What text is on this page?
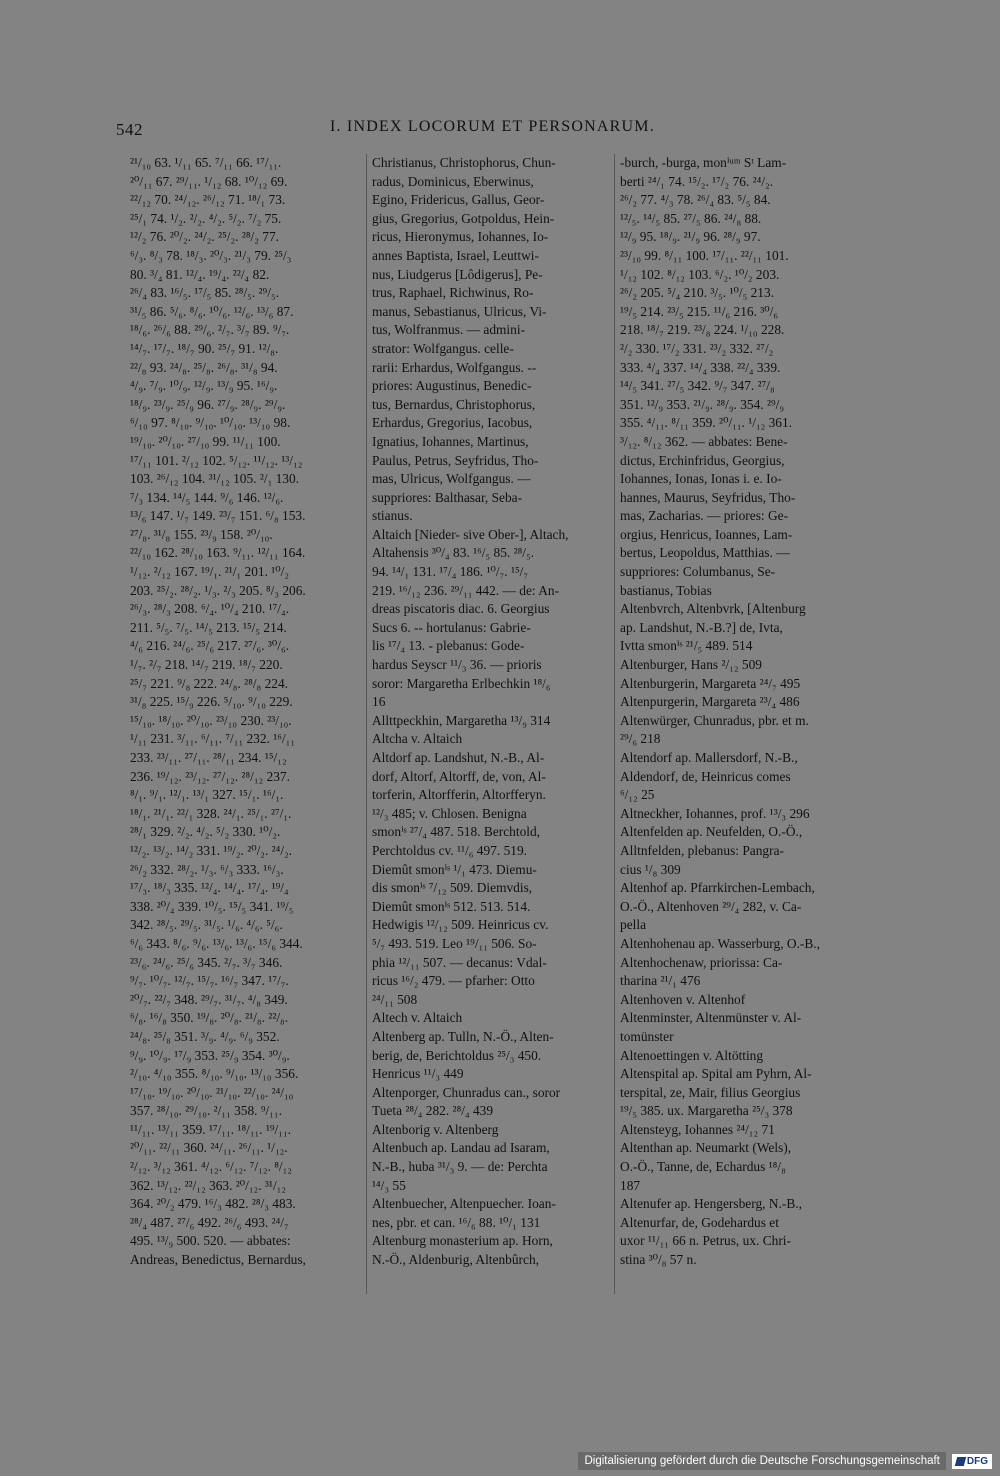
542	I. INDEX LOCORUM ET PERSONARUM.
²¹/₁₀ 63. ¹/₁₁ 65. ⁷/₁₁ 66. ¹⁷/₁₁.
²⁰/₁₁ 67. ²⁹/₁₁. ¹/₁₂ 68. ¹⁰/₁₂ 69.
²²/₁₂ 70. ²⁴/₁₂. ²⁶/₁₂ 71. ¹⁸/₁ 73.
²⁵/₁ 74. ¹/₂. ²/₂. ⁴/₂. ⁵/₂. ⁷/₂ 75.
¹²/₂ 76. ²⁰/₂. ²⁴/₂. ²⁵/₂. ²⁸/₂ 77.
⁶/₃. ⁸/₃ 78. ¹⁸/₃. ²⁰/₃. ²¹/₃ 79. ²⁵/₃
80. ³/₄ 81. ¹²/₄. ¹⁹/₄. ²²/₄ 82.
²⁶/₄ 83. ¹⁶/₅. ¹⁷/₅ 85. ²⁸/₅. ²⁹/₅.
³¹/₅ 86. ⁵/₆. ⁸/₆. ¹⁰/₆. ¹²/₆. ¹³/₆ 87.
¹⁸/₆. ²⁶/₆ 88. ²⁹/₆. ²/₇. ³/₇ 89. ⁹/₇.
¹⁴/₇. ¹⁷/₇. ¹⁸/₇ 90. ²⁵/₇ 91. ¹²/₈.
²²/₈ 93. ²⁴/₈. ²⁵/₈. ²⁶/₈. ³¹/₈ 94.
⁴/₉. ⁷/₉. ¹⁰/₉. ¹²/₉. ¹³/₉ 95. ¹⁶/₉.
¹⁸/₉. ²³/₉. ²⁵/₉ 96. ²⁷/₉. ²⁸/₉. ²⁹/₉.
⁶/₁₀ 97. ⁸/₁₀. ⁹/₁₀. ¹⁰/₁₀. ¹³/₁₀ 98.
¹⁹/₁₀. ²⁰/₁₀. ²⁷/₁₀ 99. ¹¹/₁₁ 100.
¹⁷/₁₁ 101. ²/₁₂ 102. ⁵/₁₂. ¹¹/₁₂. ¹³/₁₂
103. ²⁶/₁₂ 104. ³¹/₁₂ 105. ²/₁ 130.
⁷/₃ 134. ¹⁴/₅ 144. ⁹/₆ 146. ¹²/₆.
¹³/₆ 147. ¹/₇ 149. ²³/₇ 151. ⁶/₈ 153.
²⁷/₈. ³¹/₈ 155. ²³/₉ 158. ²⁰/₁₀.
²²/₁₀ 162. ²⁸/₁₀ 163. ⁹/₁₁. ¹²/₁₁ 164.
¹/₁₂. ²/₁₂ 167. ¹⁹/₁. ²¹/₁ 201. ¹⁰/₂
203. ²⁵/₂. ²⁸/₂. ¹/₃. ²/₃ 205. ⁸/₃ 206.
²⁶/₃. ²⁸/₃ 208. ⁶/₄. ¹⁰/₄ 210. ¹⁷/₄.
211. ⁵/₅. ⁷/₅. ¹⁴/₅ 213. ¹⁵/₅ 214.
⁴/₆ 216. ²⁴/₆. ²⁵/₆ 217. ²⁷/₆. ³⁰/₆.
¹/₇. ²/₇ 218. ¹⁴/₇ 219. ¹⁸/₇ 220.
²⁵/₇ 221. ⁹/₈ 222. ²⁴/₈. ²⁸/₈ 224.
³¹/₈ 225. ¹⁵/₉ 226. ⁵/₁₀. ⁹/₁₀ 229.
¹⁵/₁₀. ¹⁸/₁₀. ²⁰/₁₀. ²³/₁₀ 230. ²³/₁₀.
¹/₁₁ 231. ³/₁₁. ⁶/₁₁. ⁷/₁₁ 232. ¹⁶/₁₁
233. ²³/₁₁. ²⁷/₁₁. ²⁸/₁₁ 234. ¹⁵/₁₂
236. ¹⁹/₁₂. ²³/₁₂. ²⁷/₁₂. ²⁸/₁₂ 237.
⁸/₁. ⁹/₁. ¹²/₁. ¹³/₁ 327. ¹⁵/₁. ¹⁶/₁.
¹⁸/₁. ²¹/₁. ²²/₁ 328. ²⁴/₁. ²⁵/₁. ²⁷/₁.
²⁸/₁ 329. ²/₂. ⁴/₂. ⁵/₂ 330. ¹⁰/₂.
¹²/₂. ¹³/₂. ¹⁴/₂ 331. ¹⁹/₂. ²⁰/₂. ²⁴/₂.
²⁶/₂ 332. ²⁸/₂. ¹/₃. ⁶/₃ 333. ¹⁶/₃.
¹⁷/₃. ¹⁸/₃ 335. ¹²/₄. ¹⁴/₄. ¹⁷/₄. ¹⁹/₄
338. ²⁰/₄ 339. ¹⁰/₅. ¹⁵/₅ 341. ¹⁹/₅
342. ²⁸/₅. ²⁹/₅. ³¹/₅. ¹/₆. ⁴/₆. ⁵/₆.
⁶/₆ 343. ⁸/₆. ⁹/₆. ¹³/₆. ¹³/₆. ¹⁵/₆ 344.
²³/₆. ²⁴/₆. ²⁵/₆ 345. ²/₇. ³/₇ 346.
⁹/₇. ¹⁰/₇. ¹²/₇. ¹⁵/₇. ¹⁶/₇ 347. ¹⁷/₇.
²⁰/₇. ²²/₇ 348. ²⁹/₇. ³¹/₇. ⁴/₈ 349.
⁶/₈. ¹⁶/₈ 350. ¹⁹/₈. ²⁰/₈. ²¹/₈. ²²/₈.
²⁴/₈. ²⁵/₈ 351. ³/₉. ⁴/₉. ⁶/₉ 352.
⁹/₉. ¹⁰/₉. ¹⁷/₉ 353. ²⁵/₉ 354. ³⁰/₉.
²/₁₀. ⁴/₁₀ 355. ⁸/₁₀. ⁹/₁₀. ¹³/₁₀ 356.
¹⁷/₁₀. ¹⁹/₁₀. ²⁰/₁₀. ²¹/₁₀. ²²/₁₀. ²⁴/₁₀
357. ²⁸/₁₀. ²⁹/₁₀. ²/₁₁ 358. ⁹/₁₁.
¹¹/₁₁. ¹³/₁₁ 359. ¹⁷/₁₁. ¹⁸/₁₁. ¹⁹/₁₁.
²⁰/₁₁. ²²/₁₁ 360. ²⁴/₁₁. ²⁶/₁₁. ¹/₁₂.
²/₁₂. ³/₁₂ 361. ⁴/₁₂. ⁶/₁₂. ⁷/₁₂. ⁸/₁₂
362. ¹³/₁₂. ²²/₁₂ 363. ²⁰/₁₂. ³¹/₁₂
364. ²⁰/₂ 479. ¹⁶/₃ 482. ²⁸/₃ 483.
²⁸/₄ 487. ²⁷/₆ 492. ²⁶/₆ 493. ²⁴/₇
495. ¹³/₉ 500. 520. — abbates:
Andreas, Benedictus, Bernardus,
Christianus, Christophorus, Chun-
radus, Dominicus, Eberwinus,
Egino, Fridericus, Gallus, Geor-
gius, Gregorius, Gotpoldus, Hein-
ricus, Hieronymus, Iohannes, Io-
annes Baptista, Israel, Leuttwi-
nus, Liudgerus [Lôdigerus], Pe-
trus, Raphael, Richwinus, Ro-
manus, Sebastianus, Ulricus, Vi-
tus, Wolfranmus. — admini-
strator: Wolfgangus. celle-
rarii: Erhardus, Wolfgangus. --
priores: Augustinus, Benedic-
tus, Bernardus, Christophorus,
Erhardus, Gregorius, Iacobus,
Ignatius, Iohannes, Martinus,
Paulus, Petrus, Seyfridus, Tho-
mas, Ulricus, Wolfgangus. —
suppriores: Balthasar, Seba-
stianus.
Altaich [Nieder- sive Ober-], Altach,
Altahensis ³⁰/₄ 83. ¹⁶/₅ 85. ²⁸/₅.
94. ¹⁴/₁ 131. ¹⁷/₄ 186. ¹⁰/₇. ¹⁵/₇
219. ¹⁶/₁₂ 236. ²⁹/₁₁ 442. — de: An-
dreas piscatoris diac. 6. Georgius
Sucs 6. -- hortulanus: Gabrie-
lis ¹⁷/₄ 13. - plebanus: Gode-
hardus Seyscr ¹¹/₃ 36. — prioris
soror: Margaretha Erlbechkin ¹⁸/₆
16
Allttpeckhin, Margaretha ¹³/₉ 314
Altcha v. Altaich
Altdorf ap. Landshut, N.-B., Al-
dorf, Altorf, Altorff, de, von, Al-
torferin, Altorfferin, Altorfferyn.
¹²/₃ 485; v. Chlosen. Benigna
smonⁱˢ ²⁷/₄ 487. 518. Berchtold,
Perchtoldus cv. ¹¹/₆ 497. 519.
Diemût smonⁱˢ ¹/₁ 473. Diemu-
dis smonⁱˢ ⁷/₁₂ 509. Diemvdis,
Diemût smonⁱˢ 512. 513. 514.
Hedwigis ¹²/₁₂ 509. Heinricus cv.
⁵/₇ 493. 519. Leo ¹⁹/₁₁ 506. So-
phia ¹²/₁₁ 507. — decanus: Vdal-
ricus ¹⁶/₂ 479. — pfarher: Otto
²⁴/₁₁ 508
Altech v. Altaich
Altenberg ap. Tulln, N.-Ö., Alten-
berig, de, Berichtoldus ²⁵/₃ 450.
Henricus ¹¹/₃ 449
Altenporger, Chunradus can., soror
Tueta ²⁸/₄ 282. ²⁸/₄ 439
Altenborig v. Altenberg
Altenbuch ap. Landau ad Isaram,
N.-B., huba ³¹/₃ 9. — de: Perchta
¹⁴/₃ 55
Altenbuecher, Altenpuecher. Ioan-
nes, pbr. et can. ¹⁶/₆ 88. ¹⁰/₁ 131
Altenburg monasterium ap. Horn,
N.-Ö., Aldenburig, Altenbûrch,
-burch, -burga, monⁱᵘᵐ Sᵗ Lam-
berti ²⁴/₁ 74. ¹⁵/₂. ¹⁷/₂ 76. ²⁴/₂.
²⁶/₂ 77. ⁴/₃ 78. ²⁶/₄ 83. ⁵/₅ 84.
¹²/₅. ¹⁴/₅ 85. ²⁷/₅ 86. ²⁴/₈ 88.
¹²/₉ 95. ¹⁸/₉. ²¹/₉ 96. ²⁸/₉ 97.
²³/₁₀ 99. ⁸/₁₁ 100. ¹⁷/₁₁. ²²/₁₁ 101.
¹/₁₂ 102. ⁸/₁₂ 103. ⁶/₂. ¹⁰/₂ 203.
²⁶/₂ 205. ⁵/₄ 210. ³/₅. ¹⁰/₅ 213.
¹⁹/₅ 214. ²³/₅ 215. ¹¹/₆ 216. ³⁰/₆
218. ¹⁸/₇ 219. ²³/₈ 224. ¹/₁₀ 228.
²/₂ 330. ¹⁷/₂ 331. ²³/₂ 332. ²⁷/₂
333. ⁴/₄ 337. ¹⁴/₄ 338. ²²/₄ 339.
¹⁴/₅ 341. ²⁷/₅ 342. ⁹/₇ 347. ²⁷/₈
351. ¹²/₉ 353. ²¹/₉. ²⁸/₉. 354. ²⁹/₉
355. ⁴/₁₁. ⁸/₁₁ 359. ²⁰/₁₁. ¹/₁₂ 361.
³/₁₂. ⁸/₁₂ 362. — abbates: Bene-
dictus, Erchinfridus, Georgius,
Iohannes, Ionas, Ionas i. e. Io-
hannes, Maurus, Seyfridus, Tho-
mas, Zacharias. — priores: Ge-
orgius, Henricus, Ioannes, Lam-
bertus, Leopoldus, Matthias. —
suppriores: Columbanus, Se-
bastianus, Tobias
Altenbvrch, Altenbvrk, [Altenburg
ap. Landshut, N.-B.?] de, Ivta,
Ivtta smonⁱˢ ²¹/₅ 489. 514
Altenburger, Hans ²/₁₂ 509
Altenburgerin, Margareta ²⁴/₇ 495
Altenpurgerin, Margareta ²³/₄ 486
Altenwürger, Chunradus, pbr. et m.
²⁹/₆ 218
Altendorf ap. Mallersdorf, N.-B.,
Aldendorf, de, Heinricus comes
⁶/₁₂ 25
Altneckher, Iohannes, prof. ¹³/₃ 296
Altenfelden ap. Neufelden, O.-Ö.,
Alltnfelden, plebanus: Pangra-
cius ¹/₈ 309
Altenhof ap. Pfarrkirchen-Lembach,
O.-Ö., Altenhoven ²⁹/₄ 282, v. Ca-
pella
Altenhohenau ap. Wasserburg, O.-B.,
Altenhochenaw, priorissa: Ca-
tharina ²¹/₁ 476
Altenhoven v. Altenhof
Altenminster, Altenmünster v. Al-
tomünster
Altenoettingen v. Altötting
Altenspital ap. Spital am Pyhrn, Al-
terspital, ze, Mair, filius Georgius
¹⁹/₅ 385. ux. Margaretha ²⁵/₃ 378
Altensteyg, Iohannes ²⁴/₁₂ 71
Altenthan ap. Neumarkt (Wels),
O.-Ö., Tanne, de, Echardus ¹⁸/₈
187
Altenufer ap. Hengersberg, N.-B.,
Altenurfar, de, Godehardus et
uxor ¹¹/₁₁ 66 n. Petrus, ux. Chri-
stina ³⁰/₈ 57 n.
Digitalisierung gefördert durch die Deutsche Forschungsgemeinschaft	DFG
